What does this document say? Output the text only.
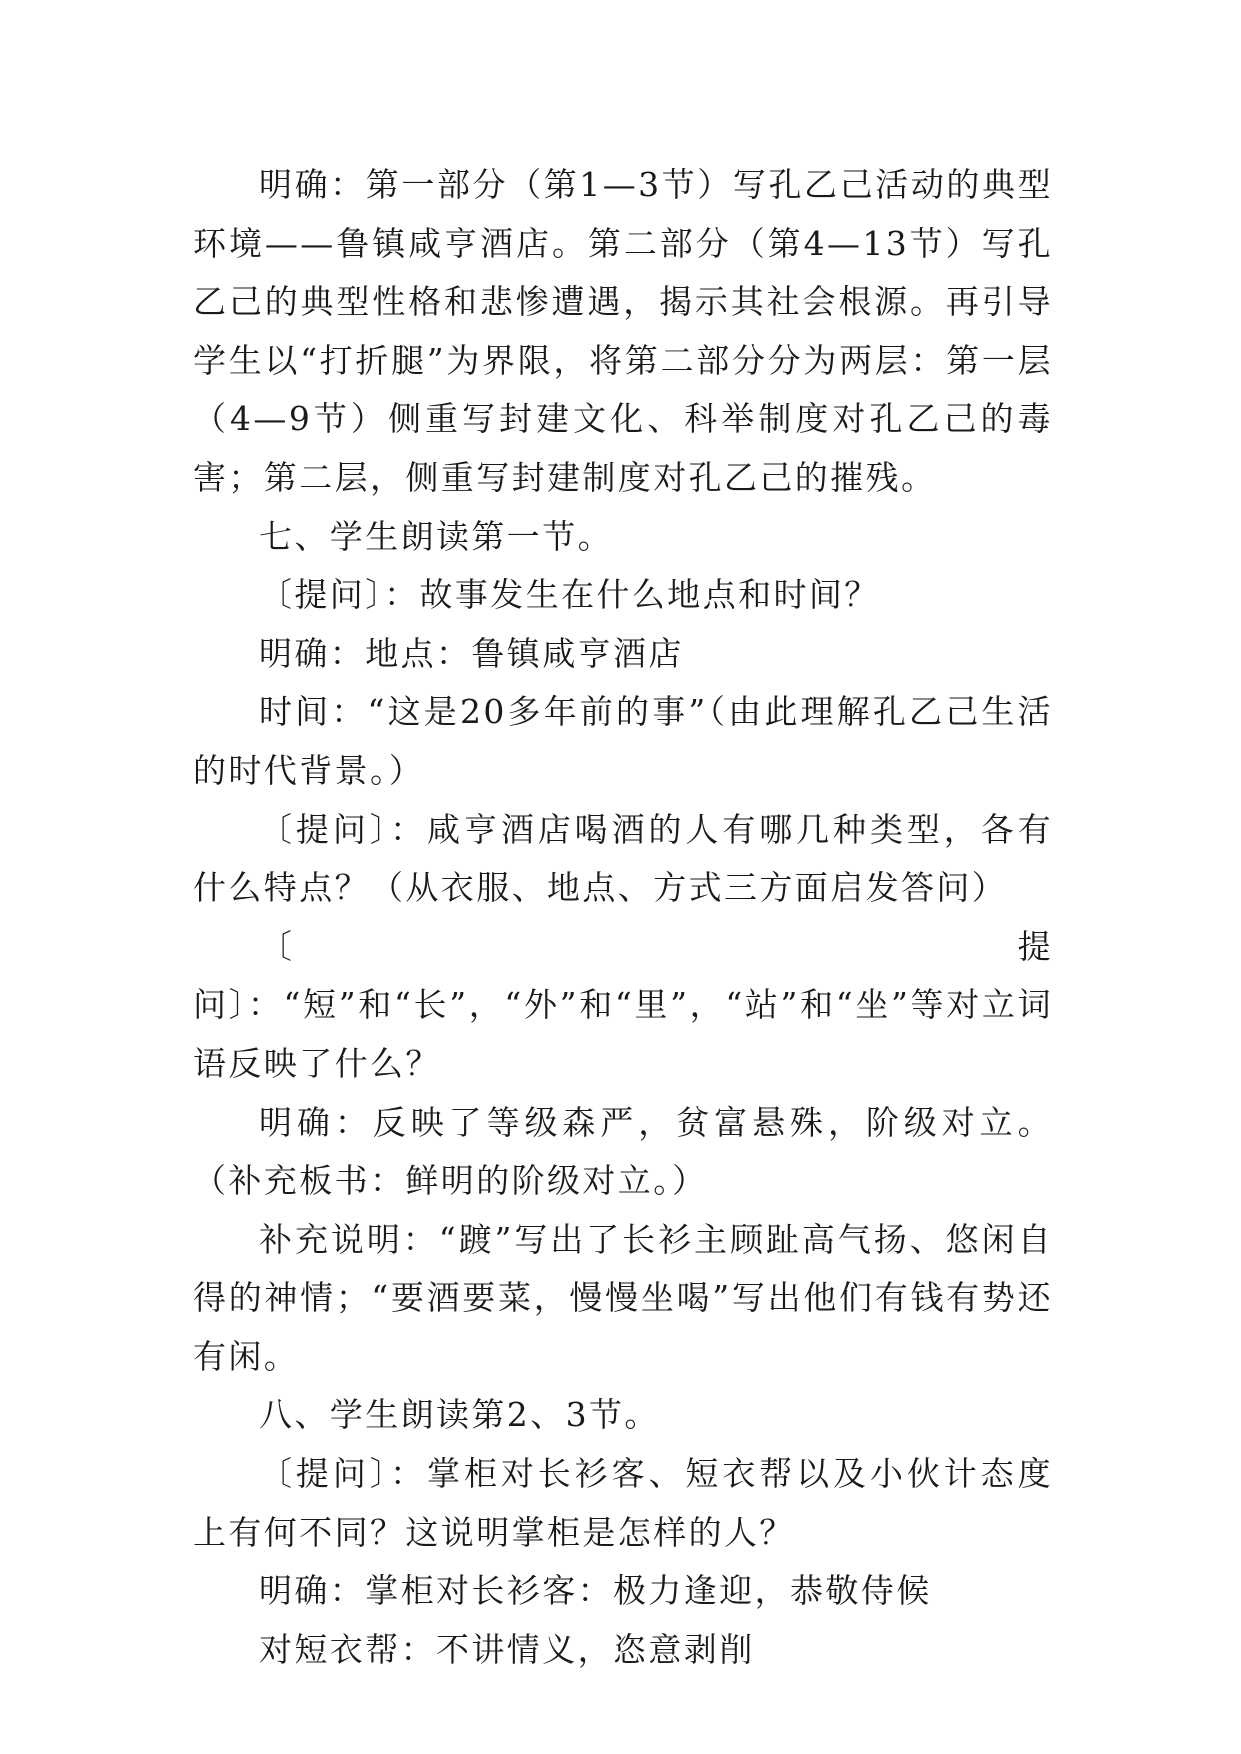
明确：第一部分（第1—3节）写孔乙己活动的典型环境——鲁镇咸亨酒店。第二部分（第4—13节）写孔乙己的典型性格和悲惨遭遇，揭示其社会根源。再引导学生以“打折腿”为界限，将第二部分分为两层：第一层（4—9节）侧重写封建文化、科举制度对孔乙己的毒害；第二层，侧重写封建制度对孔乙己的摧残。

七、学生朗读第一节。

〔提问〕：故事发生在什么地点和时间？

明确：地点：鲁镇咸亨酒店

时间：“这是20多年前的事”（由此理解孔乙己生活的时代背景。）

〔提问〕：咸亨酒店喝酒的人有哪几种类型，各有什么特点？（从衣服、地点、方式三方面启发答问）

〔提问〕：“短”和“长”，“外”和“里”，“站”和“坐”等对立词语反映了什么？

明确：反映了等级森严，贫富悬殊，阶级对立。（补充板书：鲜明的阶级对立。）

补充说明：“踱”写出了长衫主顾趾高气扬、悠闲自得的神情；“要酒要菜，慢慢坐喝”写出他们有钱有势还有闲。

八、学生朗读第2、3节。

〔提问〕：掌柜对长衫客、短衣帮以及小伙计态度上有何不同？这说明掌柜是怎样的人？

明确：掌柜对长衫客：极力逢迎，恭敬侍候

对短衣帮：不讲情义，恣意剥削
